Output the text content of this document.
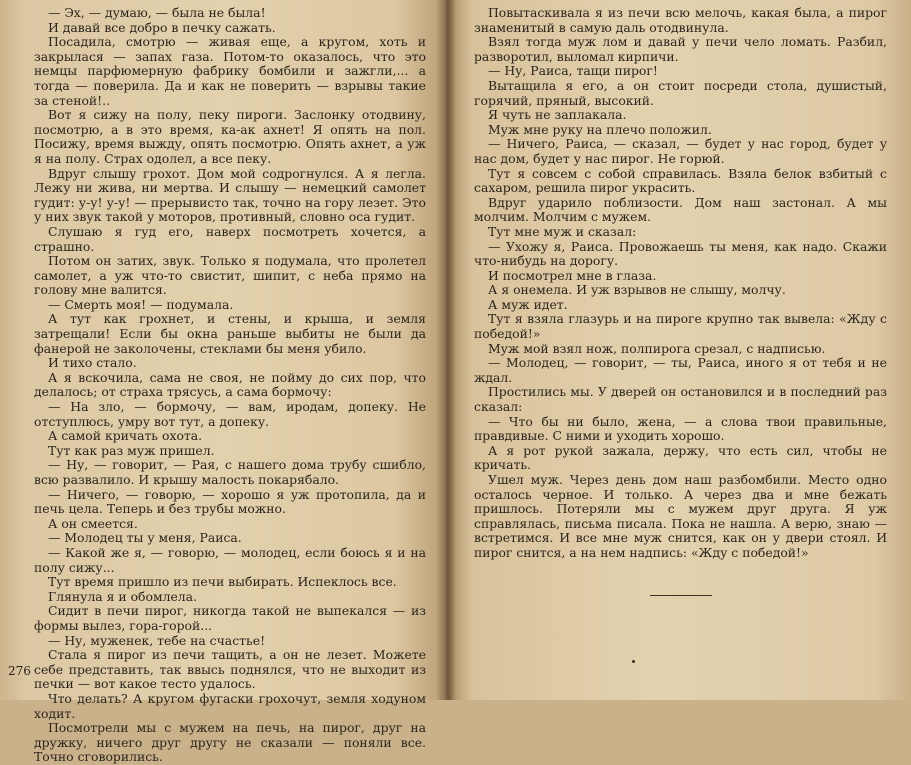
— Эх, — думаю, — была не была!

И давай все добро в печку сажать.

Посадила, смотрю — живая еще, а кругом, хоть и закрылася — запах газа. Потом-то оказалось, что это немцы парфюмерную фабрику бомбили и зажгли,... а тогда — поверила. Да и как не поверить — взрывы такие за стеной!..

Вот я сижу на полу, пеку пироги. Заслонку отодвину, посмотрю, а в это время, ка-ак ахнет! Я опять на пол. Посижу, время выжду, опять посмотрю. Опять ахнет, а уж я на полу. Страх одолел, а все пеку.

Вдруг слышу грохот. Дом мой содрогнулся. А я легла. Лежу ни жива, ни мертва. И слышу — немецкий самолет гудит: у-у! у-у! — прерывисто так, точно на гору лезет. Это у них звук такой у моторов, противный, словно оса гудит.

Слушаю я гуд его, наверх посмотреть хочется, а страшно.

Потом он затих, звук. Только я подумала, что пролетел самолет, а уж что-то свистит, шипит, с неба прямо на голову мне валится.

— Смерть моя! — подумала.

А тут как грохнет, и стены, и крыша, и земля затрещали! Если бы окна раньше выбиты не были да фанерой не заколочены, стеклами бы меня убило.

И тихо стало.

А я вскочила, сама не своя, не пойму до сих пор, что делалось; от страха трясусь, а сама бормочу:

— На зло, — бормочу, — вам, иродам, допеку. Не отступлюсь, умру вот тут, а допеку.

А самой кричать охота.

Тут как раз муж пришел.

— Ну, — говорит, — Рая, с нашего дома трубу сшибло, всю развалило. И крышу малость покарябало.

— Ничего, — говорю, — хорошо я уж протопила, да и печь цела. Теперь и без трубы можно.

А он смеется.

— Молодец ты у меня, Раиса.

— Какой же я, — говорю, — молодец, если боюсь я и на полу сижу...

Тут время пришло из печи выбирать. Испеклось все.

Глянула я и обомлела.

Сидит в печи пирог, никогда такой не выпекался — из формы вылез, гора-горой...

— Ну, муженек, тебе на счастье!

Стала я пирог из печи тащить, а он не лезет. Можете себе представить, так ввысь поднялся, что не выходит из печки — вот какое тесто удалось.

Что делать? А кругом фугаски грохочут, земля ходуном ходит.

Посмотрели мы с мужем на печь, на пирог, друг на дружку, ничего друг другу не сказали — поняли все. Точно сговорились.

276

Повытаскивала я из печи всю мелочь, какая была, а пирог знаменитый в самую даль отодвинула.

Взял тогда муж лом и давай у печи чело ломать. Разбил, разворотил, выломал кирпичи.

— Ну, Раиса, тащи пирог!

Вытащила я его, а он стоит посреди стола, душистый, горячий, пряный, высокий.

Я чуть не заплакала.

Муж мне руку на плечо положил.

— Ничего, Раиса, — сказал, — будет у нас город, будет у нас дом, будет у нас пирог. Не горюй.

Тут я совсем с собой справилась. Взяла белок взбитый с сахаром, решила пирог украсить.

Вдруг ударило поблизости. Дом наш застонал. А мы молчим. Молчим с мужем.

Тут мне муж и сказал:

— Ухожу я, Раиса. Провожаешь ты меня, как надо. Скажи что-нибудь на дорогу.

И посмотрел мне в глаза.

А я онемела. И уж взрывов не слышу, молчу.

А муж идет.

Тут я взяла глазурь и на пироге крупно так вывела: «Жду с победой!»

Муж мой взял нож, полпирога срезал, с надписью.

— Молодец, — говорит, — ты, Раиса, иного я от тебя и не ждал.

Простились мы. У дверей он остановился и в последний раз сказал:

— Что бы ни было, жена, — а слова твои правильные, правдивые. С ними и уходить хорошо.

А я рот рукой зажала, держу, что есть сил, чтобы не кричать.

Ушел муж. Через день дом наш разбомбили. Место одно осталось черное. И только. А через два и мне бежать пришлось. Потеряли мы с мужем друг друга. Я уж справлялась, письма писала. Пока не нашла. А верю, знаю — встретимся. И все мне муж снится, как он у двери стоял. И пирог снится, а на нем надпись: «Жду с победой!»
